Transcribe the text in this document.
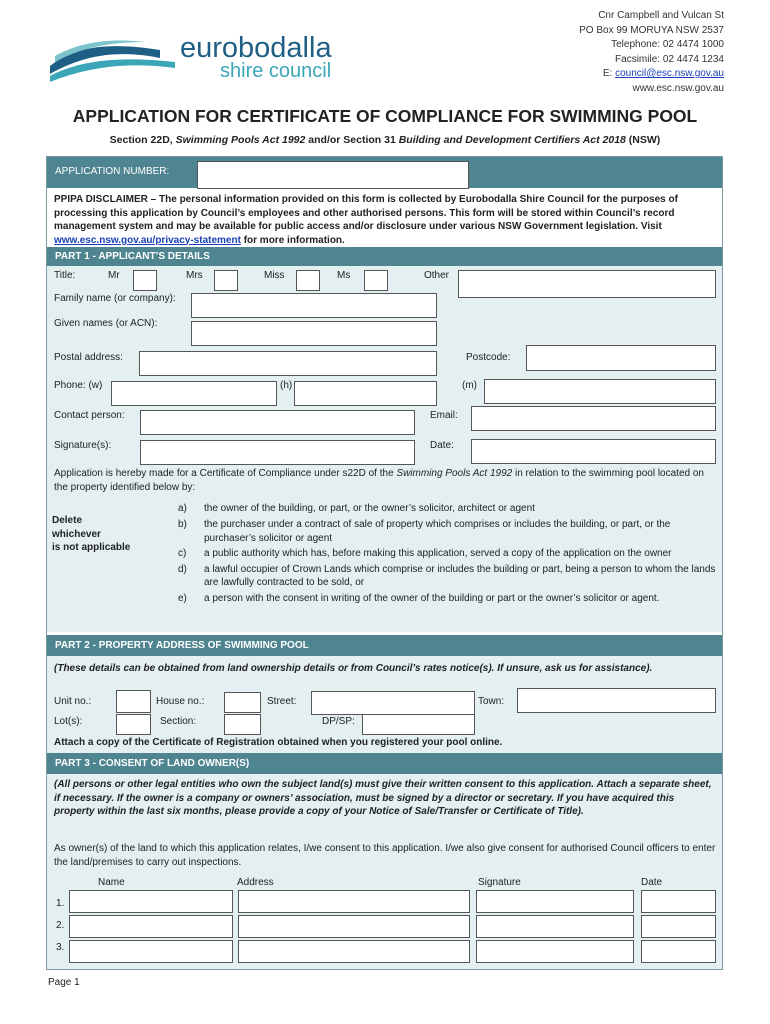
Cnr Campbell and Vulcan St
PO Box 99 MORUYA NSW 2537
Telephone: 02 4474 1000
Facsimile: 02 4474 1234
E: council@esc.nsw.gov.au
www.esc.nsw.gov.au
eurobodalla
shire council
APPLICATION FOR CERTIFICATE OF COMPLIANCE FOR SWIMMING POOL
Section 22D, Swimming Pools Act 1992 and/or Section 31 Building and Development Certifiers Act 2018 (NSW)
APPLICATION NUMBER:
PPIPA DISCLAIMER – The personal information provided on this form is collected by Eurobodalla Shire Council for the purposes of processing this application by Council’s employees and other authorised persons. This form will be stored within Council’s record management system and may be available for public access and/or disclosure under various NSW Government legislation. Visit www.esc.nsw.gov.au/privacy-statement for more information.
PART 1 - APPLICANT’S DETAILS
Title:	Mr	Mrs	Miss	Ms	Other
Family name (or company):
Given names (or ACN):
Postal address:	Postcode:
Phone: (w)	(h)	(m)
Contact person:	Email:
Signature(s):	Date:
Application is hereby made for a Certificate of Compliance under s22D of the Swimming Pools Act 1992 in relation to the swimming pool located on the property identified below by:
Delete
whichever
is not applicable
a) the owner of the building, or part, or the owner’s solicitor, architect or agent
b) the purchaser under a contract of sale of property which comprises or includes the building, or part, or the purchaser’s solicitor or agent
c) a public authority which has, before making this application, served a copy of the application on the owner
d) a lawful occupier of Crown Lands which comprise or includes the building or part, being a person to whom the lands are lawfully contracted to be sold, or
e) a person with the consent in writing of the owner of the building or part or the owner’s solicitor or agent.
PART 2 - PROPERTY ADDRESS OF SWIMMING POOL
(These details can be obtained from land ownership details or from Council’s rates notice(s). If unsure, ask us for assistance).
Unit no.:	House no.:	Street:	Town:
Lot(s):	Section:	DP/SP:
Attach a copy of the Certificate of Registration obtained when you registered your pool online.
PART 3 - CONSENT OF LAND OWNER(S)
(All persons or other legal entities who own the subject land(s) must give their written consent to this application. Attach a separate sheet, if necessary. If the owner is a company or owners’ association, must be signed by a director or secretary. If you have acquired this property within the last six months, please provide a copy of your Notice of Sale/Transfer or Certificate of Title).
As owner(s) of the land to which this application relates, I/we consent to this application. I/we also give consent for authorised Council officers to enter the land/premises to carry out inspections.
Name	Address	Signature	Date
1.
2.
3.
Page 1
